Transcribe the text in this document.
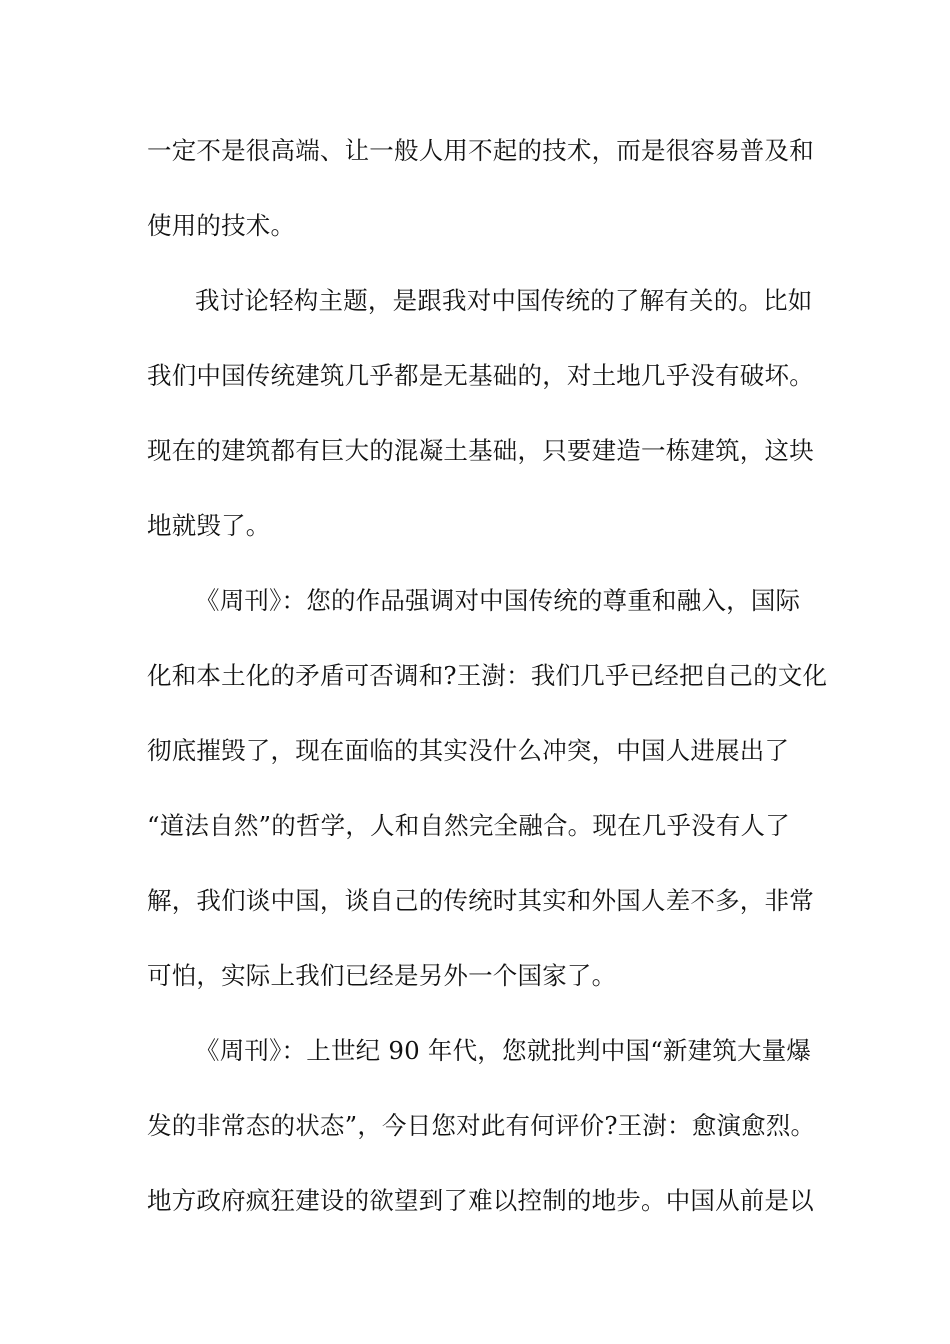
一定不是很高端、让一般人用不起的技术，而是很容易普及和
使用的技术。
我讨论轻构主题，是跟我对中国传统的了解有关的。比如
我们中国传统建筑几乎都是无基础的，对土地几乎没有破坏。
现在的建筑都有巨大的混凝土基础，只要建造一栋建筑，这块
地就毁了。
《周刊》：您的作品强调对中国传统的尊重和融入，国际
化和本土化的矛盾可否调和?王澍：我们几乎已经把自己的文化
彻底摧毁了，现在面临的其实没什么冲突，中国人进展出了
“道法自然”的哲学，人和自然完全融合。现在几乎没有人了
解，我们谈中国，谈自己的传统时其实和外国人差不多，非常
可怕，实际上我们已经是另外一个国家了。
《周刊》：上世纪 90 年代，您就批判中国“新建筑大量爆
发的非常态的状态”，今日您对此有何评价?王澍：愈演愈烈。
地方政府疯狂建设的欲望到了难以控制的地步。中国从前是以
